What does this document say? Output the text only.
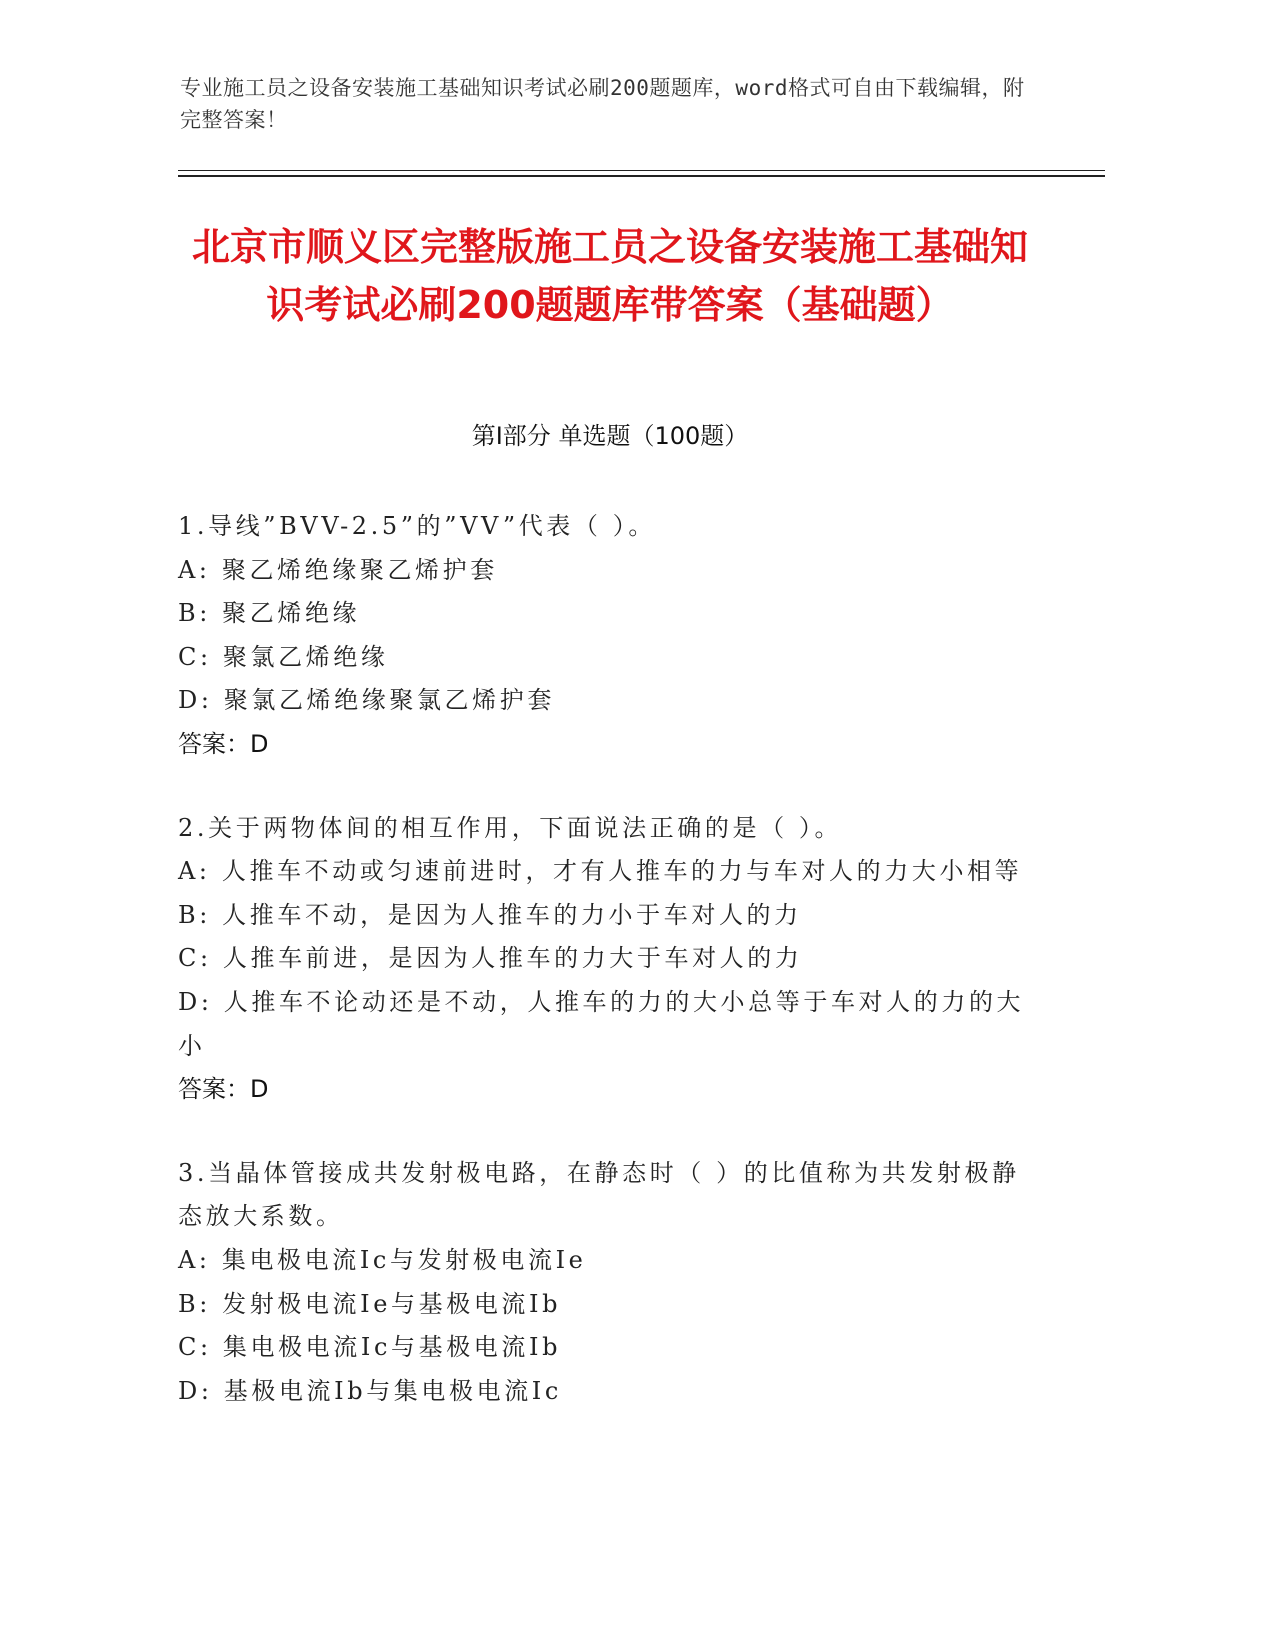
专业施工员之设备安装施工基础知识考试必刷200题题库，word格式可自由下载编辑，附完整答案！
北京市顺义区完整版施工员之设备安装施工基础知识考试必刷200题题库带答案（基础题）
第Ⅰ部分 单选题（100题）
1.导线”BVV-2.5”的”VV”代表（ ）。
A: 聚乙烯绝缘聚乙烯护套
B: 聚乙烯绝缘
C: 聚氯乙烯绝缘
D: 聚氯乙烯绝缘聚氯乙烯护套
答案：D
2.关于两物体间的相互作用，下面说法正确的是（ ）。
A: 人推车不动或匀速前进时，才有人推车的力与车对人的力大小相等
B: 人推车不动，是因为人推车的力小于车对人的力
C: 人推车前进，是因为人推车的力大于车对人的力
D: 人推车不论动还是不动，人推车的力的大小总等于车对人的力的大小
答案：D
3.当晶体管接成共发射极电路，在静态时（ ）的比值称为共发射极静态放大系数。
A: 集电极电流Ic与发射极电流Ie
B: 发射极电流Ie与基极电流Ib
C: 集电极电流Ic与基极电流Ib
D: 基极电流Ib与集电极电流Ic
